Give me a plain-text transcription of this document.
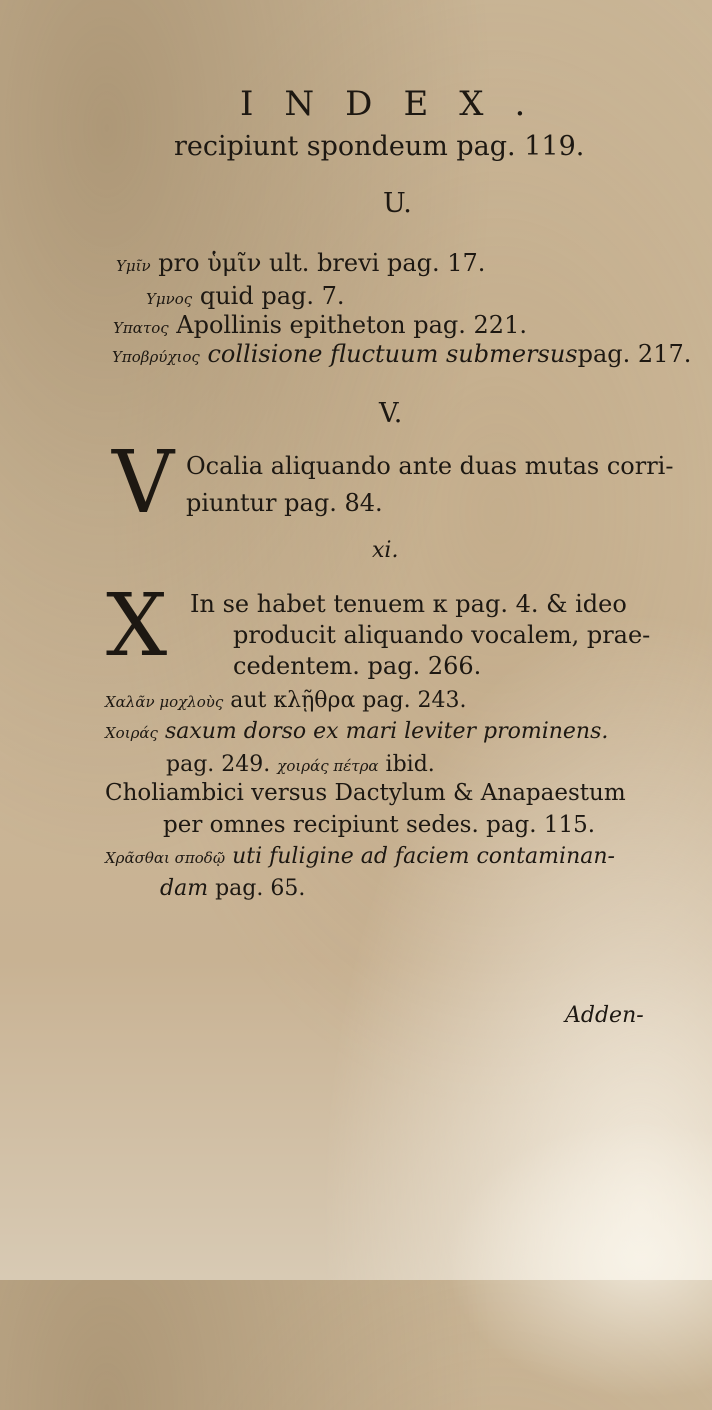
INDEX.
recipiunt spondeum pag. 119.
U.
Υμῖν pro ὑμῖν ult. brevi pag. 17.
Υμνος quid pag. 7.
Υπατος Apollinis epitheton pag. 221.
Υποβρύχιος collisione fluctuum submersuspag. 217.
V.
V Ocalia aliquando ante duas mutas corri-
piuntur pag. 84.
xi.
X In se habet tenuem κ pag. 4. & ideo
producit aliquando vocalem, prae-
cedentem. pag. 266.
Χαλᾶν μοχλοὺς aut κλῇθρα pag. 243.
Χοιράς saxum dorso ex mari leviter prominens.
pag. 249. χοιράς πέτρα ibid.
Choliambici versus Dactylum & Anapaestum
per omnes recipiunt sedes. pag. 115.
Χρᾶσθαι σποδῷ uti fuligine ad faciem contaminan-
dam pag. 65.
Adden-
